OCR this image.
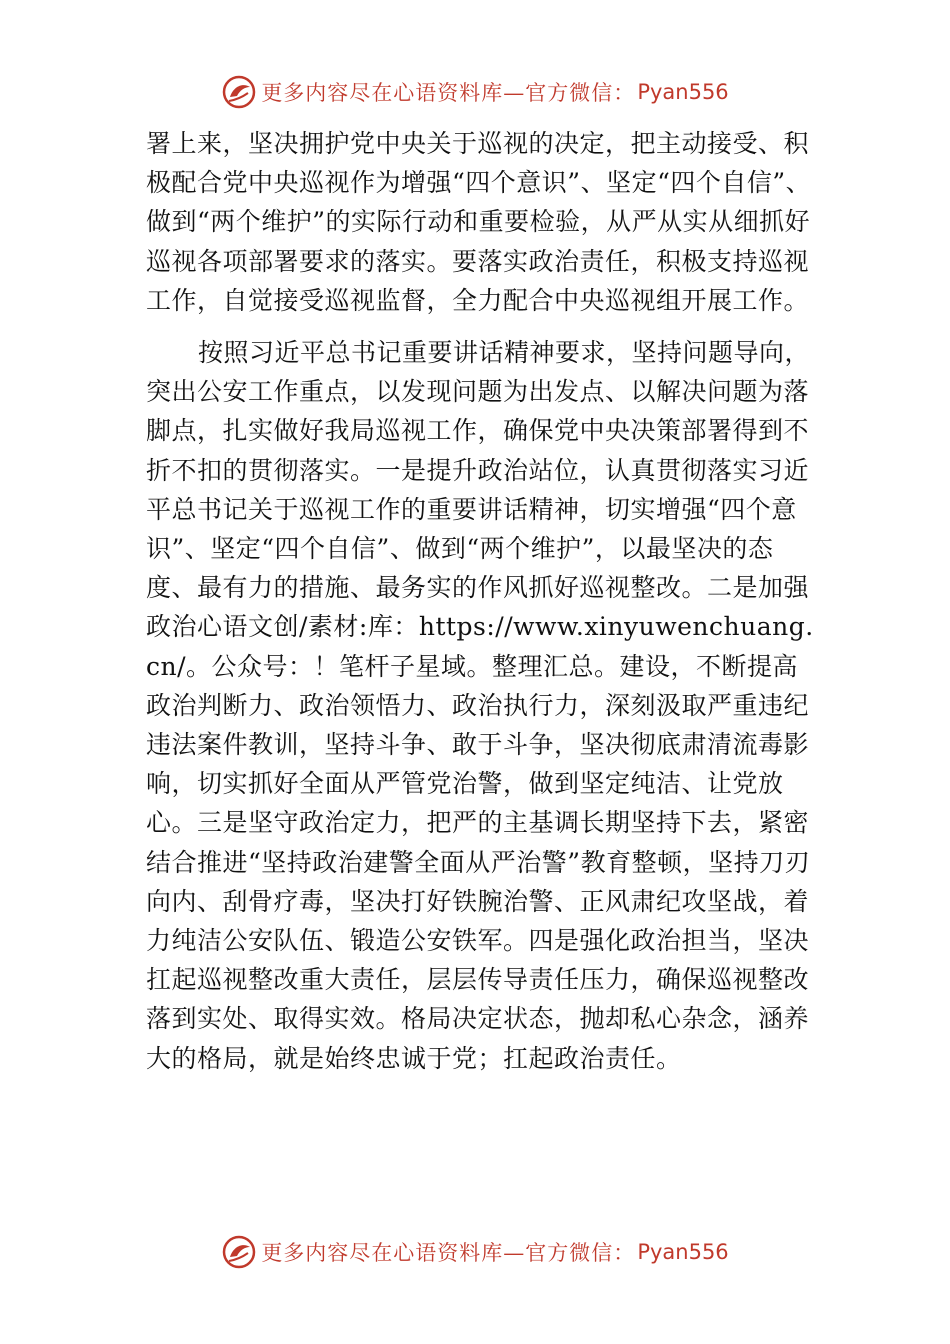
更多内容尽在心语资料库—官方微信： Pyan556

署上来，坚决拥护党中央关于巡视的决定，把主动接受、积极配合党中央巡视作为增强“四个意识”、坚定“四个自信”、做到“两个维护”的实际行动和重要检验，从严从实从细抓好巡视各项部署要求的落实。要落实政治责任，积极支持巡视工作，自觉接受巡视监督，全力配合中央巡视组开展工作。

按照习近平总书记重要讲话精神要求，坚持问题导向，突出公安工作重点，以发现问题为出发点、以解决问题为落脚点，扎实做好我局巡视工作，确保党中央决策部署得到不折不扣的贯彻落实。一是提升政治站位，认真贯彻落实习近平总书记关于巡视工作的重要讲话精神，切实增强“四个意识”、坚定“四个自信”、做到“两个维护”，以最坚决的态度、最有力的措施、最务实的作风抓好巡视整改。二是加强政治心语文创/素材:库：https://www.xinyuwenchuang.cn/。公众号：！笔杆子星域。整理汇总。建设，不断提高政治判断力、政治领悟力、政治执行力，深刻汲取严重违纪违法案件教训，坚持斗争、敢于斗争，坚决彻底肃清流毒影响，切实抓好全面从严管党治警，做到坚定纯洁、让党放心。三是坚守政治定力，把严的主基调长期坚持下去，紧密结合推进“坚持政治建警全面从严治警”教育整顿，坚持刀刃向内、刮骨疗毒，坚决打好铁腕治警、正风肃纪攻坚战，着力纯洁公安队伍、锻造公安铁军。四是强化政治担当，坚决扛起巡视整改重大责任，层层传导责任压力，确保巡视整改落到实处、取得实效。格局决定状态，抛却私心杂念，涵养大的格局，就是始终忠诚于党；扛起政治责任。

更多内容尽在心语资料库—官方微信： Pyan556
